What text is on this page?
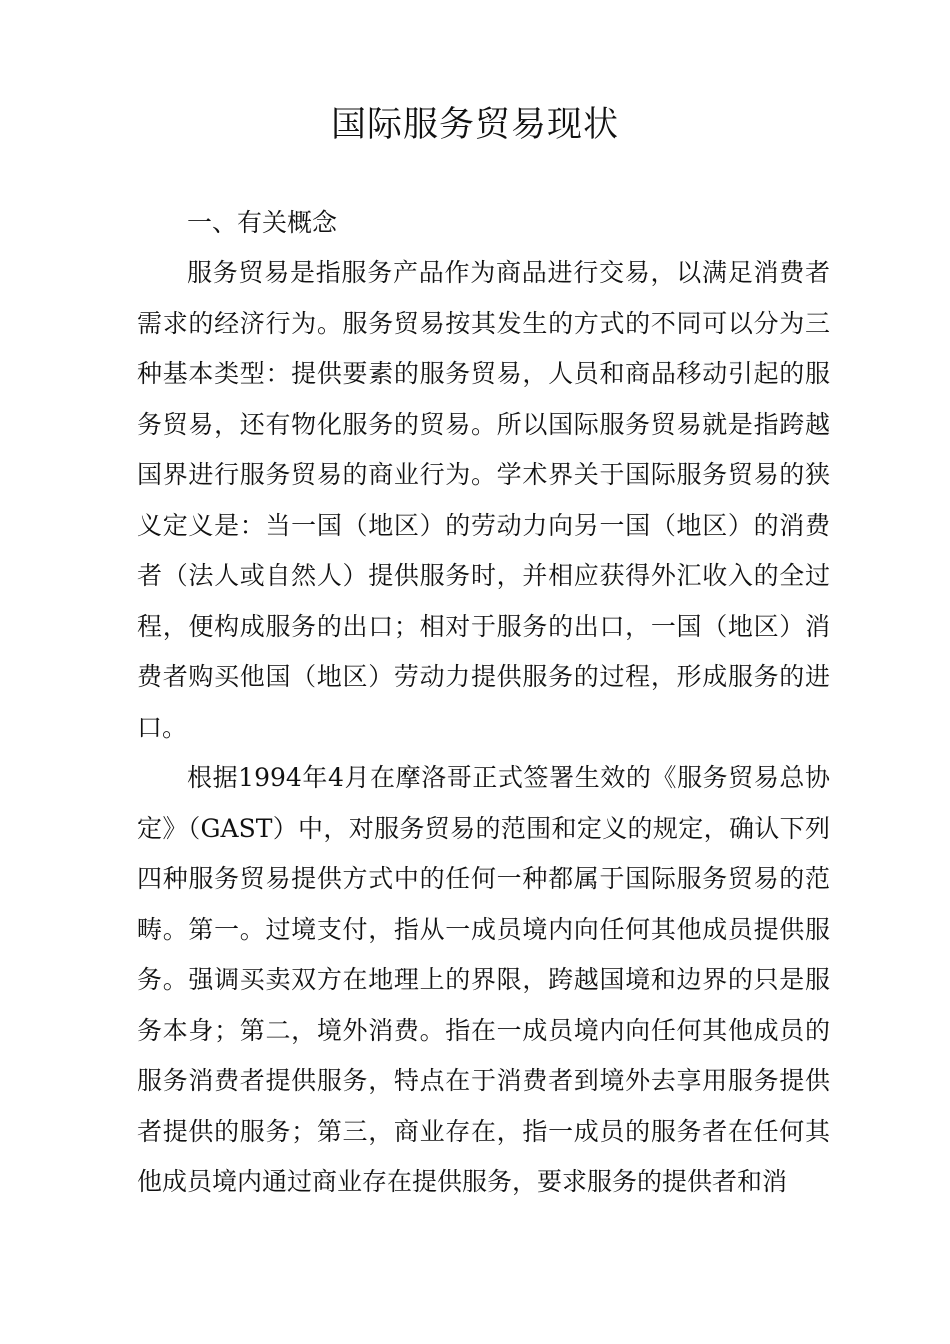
国际服务贸易现状

一、有关概念

服务贸易是指服务产品作为商品进行交易，以满足消费者需求的经济行为。服务贸易按其发生的方式的不同可以分为三种基本类型：提供要素的服务贸易，人员和商品移动引起的服务贸易，还有物化服务的贸易。所以国际服务贸易就是指跨越国界进行服务贸易的商业行为。学术界关于国际服务贸易的狭义定义是：当一国（地区）的劳动力向另一国（地区）的消费者（法人或自然人）提供服务时，并相应获得外汇收入的全过程，便构成服务的出口；相对于服务的出口，一国（地区）消费者购买他国（地区）劳动力提供服务的过程，形成服务的进口。

根据1994年4月在摩洛哥正式签署生效的《服务贸易总协定》（GAST）中，对服务贸易的范围和定义的规定，确认下列四种服务贸易提供方式中的任何一种都属于国际服务贸易的范畴。第一。过境支付，指从一成员境内向任何其他成员提供服务。强调买卖双方在地理上的界限，跨越国境和边界的只是服务本身；第二，境外消费。指在一成员境内向任何其他成员的服务消费者提供服务，特点在于消费者到境外去享用服务提供者提供的服务；第三，商业存在，指一成员的服务者在任何其他成员境内通过商业存在提供服务，要求服务的提供者和消
